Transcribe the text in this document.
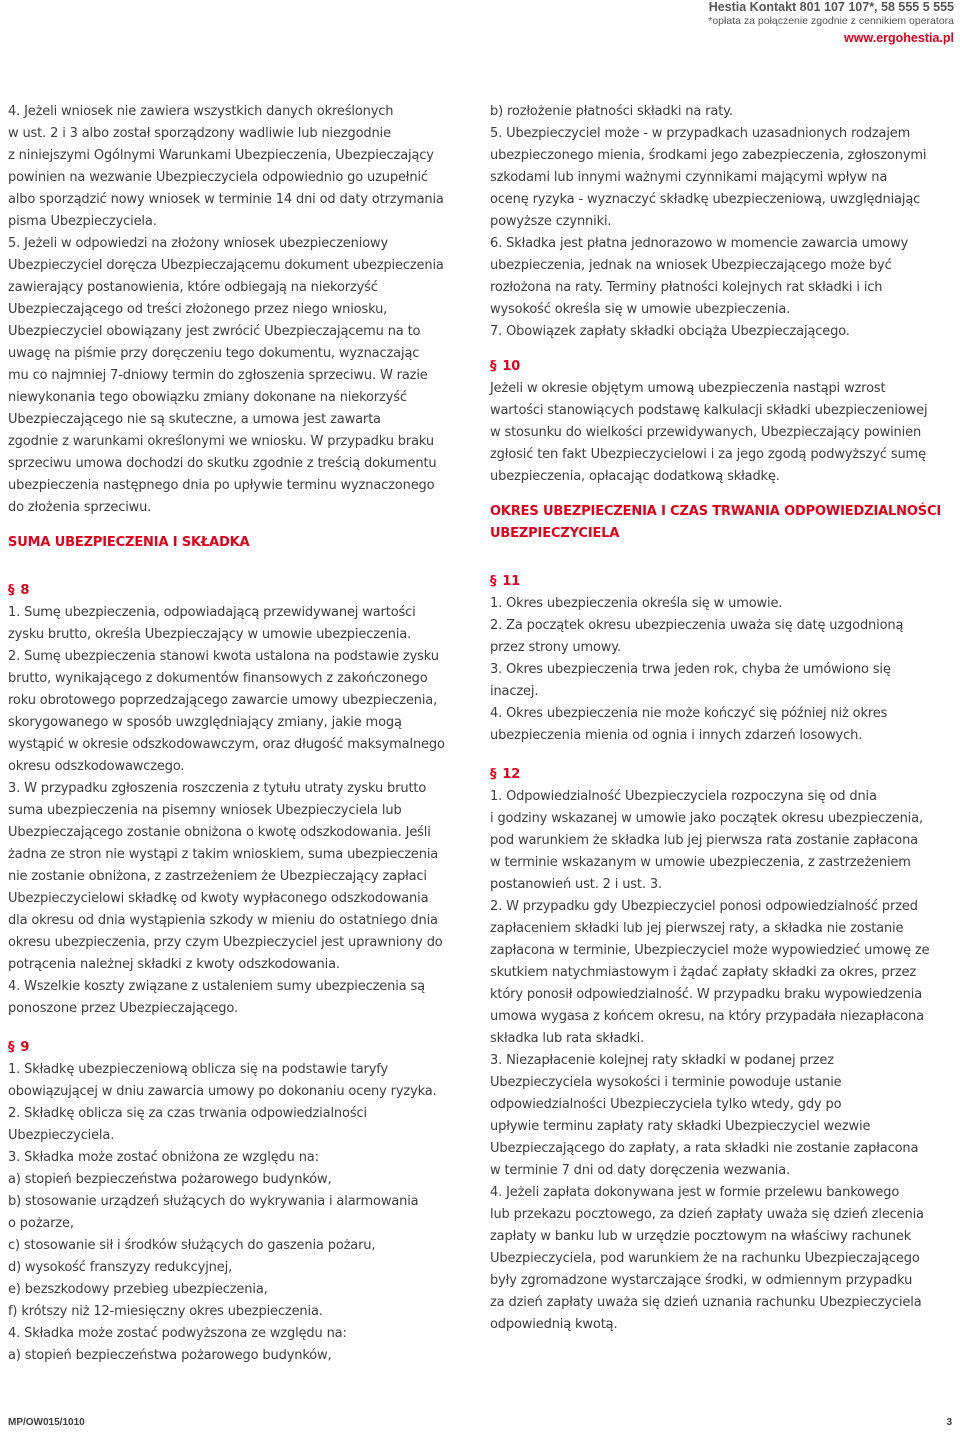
Hestia Kontakt 801 107 107*, 58 555 5 555
*opłata za połączenie zgodnie z cennikiem operatora
www.ergohestia.pl

4. Jeżeli wniosek nie zawiera wszystkich danych określonych
w ust. 2 i 3 albo został sporządzony wadliwie lub niezgodnie
z niniejszymi Ogólnymi Warunkami Ubezpieczenia, Ubezpieczający
powinien na wezwanie Ubezpieczyciela odpowiednio go uzupełnić
albo sporządzić nowy wniosek w terminie 14 dni od daty otrzymania
pisma Ubezpieczyciela.

5. Jeżeli w odpowiedzi na złożony wniosek ubezpieczeniowy
Ubezpieczyciel doręcza Ubezpieczającemu dokument ubezpieczenia
zawierający postanowienia, które odbiegają na niekorzyść
Ubezpieczającego od treści złożonego przez niego wniosku,
Ubezpieczyciel obowiązany jest zwrócić Ubezpieczającemu na to
uwagę na piśmie przy doręczeniu tego dokumentu, wyznaczając
mu co najmniej 7-dniowy termin do zgłoszenia sprzeciwu. W razie
niewykonania tego obowiązku zmiany dokonane na niekorzyść
Ubezpieczającego nie są skuteczne, a umowa jest zawarta
zgodnie z warunkami określonymi we wniosku. W przypadku braku
sprzeciwu umowa dochodzi do skutku zgodnie z treścią dokumentu
ubezpieczenia następnego dnia po upływie terminu wyznaczonego
do złożenia sprzeciwu.

SUMA UBEZPIECZENIA I SKŁADKA

§ 8

1. Sumę ubezpieczenia, odpowiadającą przewidywanej wartości
zysku brutto, określa Ubezpieczający w umowie ubezpieczenia.
2. Sumę ubezpieczenia stanowi kwota ustalona na podstawie zysku
brutto, wynikającego z dokumentów finansowych z zakończonego
roku obrotowego poprzedzającego zawarcie umowy ubezpieczenia,
skorygowanego w sposób uwzględniający zmiany, jakie mogą
wystąpić w okresie odszkodowawczym, oraz długość maksymalnego
okresu odszkodowawczego.
3. W przypadku zgłoszenia roszczenia z tytułu utraty zysku brutto
suma ubezpieczenia na pisemny wniosek Ubezpieczyciela lub
Ubezpieczającego zostanie obniżona o kwotę odszkodowania. Jeśli
żadna ze stron nie wystąpi z takim wnioskiem, suma ubezpieczenia
nie zostanie obniżona, z zastrzeżeniem że Ubezpieczający zapłaci
Ubezpieczycielowi składkę od kwoty wypłaconego odszkodowania
dla okresu od dnia wystąpienia szkody w mieniu do ostatniego dnia
okresu ubezpieczenia, przy czym Ubezpieczyciel jest uprawniony do
potrącenia należnej składki z kwoty odszkodowania.
4. Wszelkie koszty związane z ustaleniem sumy ubezpieczenia są
ponoszone przez Ubezpieczającego.

§ 9

1. Składkę ubezpieczeniową oblicza się na podstawie taryfy
obowiązującej w dniu zawarcia umowy po dokonaniu oceny ryzyka.
2. Składkę oblicza się za czas trwania odpowiedzialności
Ubezpieczyciela.
3. Składka może zostać obniżona ze względu na:
a) stopień bezpieczeństwa pożarowego budynków,
b) stosowanie urządzeń służących do wykrywania i alarmowania
o pożarze,
c) stosowanie sił i środków służących do gaszenia pożaru,
d) wysokość franszyzy redukcyjnej,
e) bezszkodowy przebieg ubezpieczenia,
f) krótszy niż 12-miesięczny okres ubezpieczenia.
4. Składka może zostać podwyższona ze względu na:
a) stopień bezpieczeństwa pożarowego budynków,

b) rozłożenie płatności składki na raty.
5. Ubezpieczyciel może - w przypadkach uzasadnionych rodzajem
ubezpieczonego mienia, środkami jego zabezpieczenia, zgłoszonymi
szkodami lub innymi ważnymi czynnikami mającymi wpływ na
ocenę ryzyka - wyznaczyć składkę ubezpieczeniową, uwzględniając
powyższe czynniki.
6. Składka jest płatna jednorazowo w momencie zawarcia umowy
ubezpieczenia, jednak na wniosek Ubezpieczającego może być
rozłożona na raty. Terminy płatności kolejnych rat składki i ich
wysokość określa się w umowie ubezpieczenia.
7. Obowiązek zapłaty składki obciąża Ubezpieczającego.

§ 10

Jeżeli w okresie objętym umową ubezpieczenia nastąpi wzrost
wartości stanowiących podstawę kalkulacji składki ubezpieczeniowej
w stosunku do wielkości przewidywanych, Ubezpieczający powinien
zgłosić ten fakt Ubezpieczycielowi i za jego zgodą podwyższyć sumę
ubezpieczenia, opłacając dodatkową składkę.

OKRES UBEZPIECZENIA I CZAS TRWANIA ODPOWIEDZIALNOŚCI
UBEZPIECZYCIELA

§ 11

1. Okres ubezpieczenia określa się w umowie.
2. Za początek okresu ubezpieczenia uważa się datę uzgodnioną
przez strony umowy.
3. Okres ubezpieczenia trwa jeden rok, chyba że umówiono się
inaczej.
4. Okres ubezpieczenia nie może kończyć się później niż okres
ubezpieczenia mienia od ognia i innych zdarzeń losowych.

§ 12

1. Odpowiedzialność Ubezpieczyciela rozpoczyna się od dnia
i godziny wskazanej w umowie jako początek okresu ubezpieczenia,
pod warunkiem że składka lub jej pierwsza rata zostanie zapłacona
w terminie wskazanym w umowie ubezpieczenia, z zastrzeżeniem
postanowień ust. 2 i ust. 3.
2. W przypadku gdy Ubezpieczyciel ponosi odpowiedzialność przed
zapłaceniem składki lub jej pierwszej raty, a składka nie zostanie
zapłacona w terminie, Ubezpieczyciel może wypowiedzieć umowę ze
skutkiem natychmiastowym i żądać zapłaty składki za okres, przez
który ponosił odpowiedzialność. W przypadku braku wypowiedzenia
umowa wygasa z końcem okresu, na który przypadała niezapłacona
składka lub rata składki.
3. Niezapłacenie kolejnej raty składki w podanej przez
Ubezpieczyciela wysokości i terminie powoduje ustanie
odpowiedzialności Ubezpieczyciela tylko wtedy, gdy po
upływie terminu zapłaty raty składki Ubezpieczyciel wezwie
Ubezpieczającego do zapłaty, a rata składki nie zostanie zapłacona
w terminie 7 dni od daty doręczenia wezwania.
4. Jeżeli zapłata dokonywana jest w formie przelewu bankowego
lub przekazu pocztowego, za dzień zapłaty uważa się dzień zlecenia
zapłaty w banku lub w urzędzie pocztowym na właściwy rachunek
Ubezpieczyciela, pod warunkiem że na rachunku Ubezpieczającego
były zgromadzone wystarczające środki, w odmiennym przypadku
za dzień zapłaty uważa się dzień uznania rachunku Ubezpieczyciela
odpowiednią kwotą.

MP/OW015/1010	3
